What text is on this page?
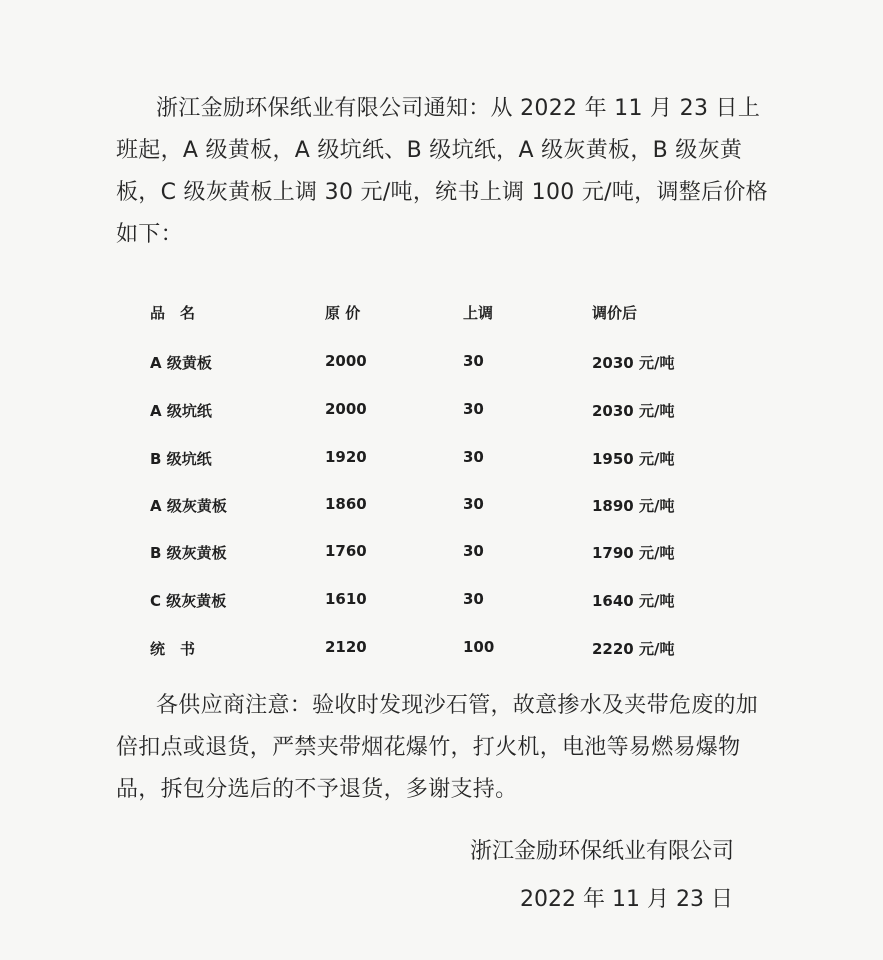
浙江金励环保纸业有限公司通知：从 2022 年 11 月 23 日上班起，A 级黄板，A 级坑纸、B 级坑纸，A 级灰黄板，B 级灰黄板，C 级灰黄板上调 30 元/吨，统书上调 100 元/吨，调整后价格如下：
品　名	原 价	上调	调价后
A 级黄板	2000	30	2030 元/吨
A 级坑纸	2000	30	2030 元/吨
B 级坑纸	1920	30	1950 元/吨
A 级灰黄板	1860	30	1890 元/吨
B 级灰黄板	1760	30	1790 元/吨
C 级灰黄板	1610	30	1640 元/吨
统　书	2120	100	2220 元/吨
各供应商注意：验收时发现沙石管，故意掺水及夹带危废的加倍扣点或退货，严禁夹带烟花爆竹，打火机，电池等易燃易爆物品，拆包分选后的不予退货，多谢支持。
浙江金励环保纸业有限公司
2022 年 11 月 23 日
